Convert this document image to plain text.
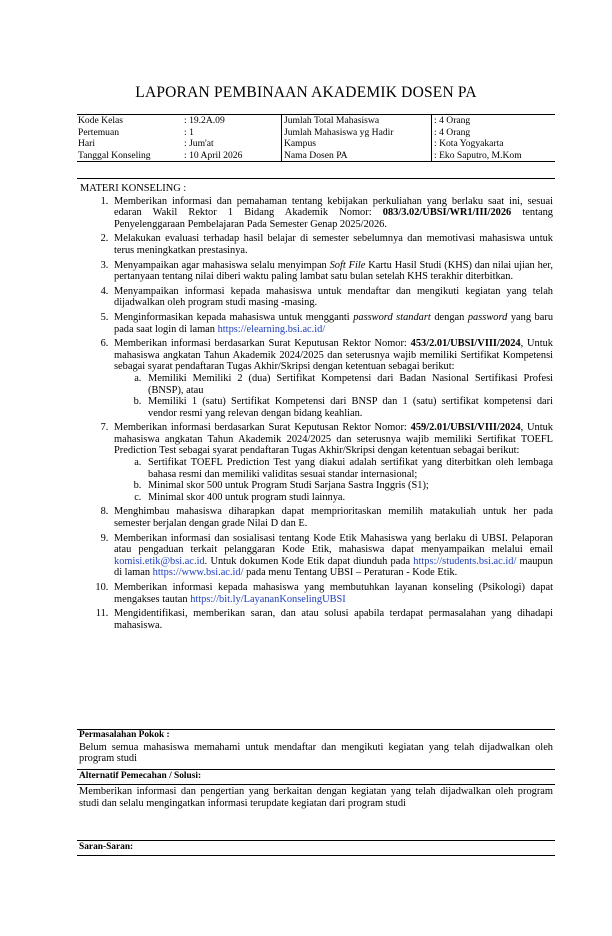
LAPORAN PEMBINAAN AKADEMIK DOSEN PA
Kode Kelas	: 19.2A.09	Jumlah Total Mahasiswa	: 4 Orang
Pertemuan	: 1	Jumlah Mahasiswa yg Hadir	: 4 Orang
Hari	: Jum'at	Kampus	: Kota Yogyakarta
Tanggal Konseling	: 10 April 2026	Nama Dosen PA	: Eko Saputro, M.Kom
MATERI KONSELING :
1. Memberikan informasi dan pemahaman tentang kebijakan perkuliahan yang berlaku saat ini, sesuai edaran Wakil Rektor 1 Bidang Akademik Nomor: 083/3.02/UBSI/WR1/III/2026 tentang Penyelenggaraan Pembelajaran Pada Semester Genap 2025/2026.
2. Melakukan evaluasi terhadap hasil belajar di semester sebelumnya dan memotivasi mahasiswa untuk terus meningkatkan prestasinya.
3. Menyampaikan agar mahasiswa selalu menyimpan Soft File Kartu Hasil Studi (KHS) dan nilai ujian her, pertanyaan tentang nilai diberi waktu paling lambat satu bulan setelah KHS terakhir diterbitkan.
4. Menyampaikan informasi kepada mahasiswa untuk mendaftar dan mengikuti kegiatan yang telah dijadwalkan oleh program studi masing -masing.
5. Menginformasikan kepada mahasiswa untuk mengganti password standart dengan password yang baru pada saat login di laman https://elearning.bsi.ac.id/
6. Memberikan informasi berdasarkan Surat Keputusan Rektor Nomor: 453/2.01/UBSI/VIII/2024, Untuk mahasiswa angkatan Tahun Akademik 2024/2025 dan seterusnya wajib memiliki Sertifikat Kompetensi sebagai syarat pendaftaran Tugas Akhir/Skripsi dengan ketentuan sebagai berikut:
a. Memiliki Memiliki 2 (dua) Sertifikat Kompetensi dari Badan Nasional Sertifikasi Profesi (BNSP), atau
b. Memiliki 1 (satu) Sertifikat Kompetensi dari BNSP dan 1 (satu) sertifikat kompetensi dari vendor resmi yang relevan dengan bidang keahlian.
7. Memberikan informasi berdasarkan Surat Keputusan Rektor Nomor: 459/2.01/UBSI/VIII/2024, Untuk mahasiswa angkatan Tahun Akademik 2024/2025 dan seterusnya wajib memiliki Sertifikat TOEFL Prediction Test sebagai syarat pendaftaran Tugas Akhir/Skripsi dengan ketentuan sebagai berikut:
a. Sertifikat TOEFL Prediction Test yang diakui adalah sertifikat yang diterbitkan oleh lembaga bahasa resmi dan memiliki validitas sesuai standar internasional;
b. Minimal skor 500 untuk Program Studi Sarjana Sastra Inggris (S1);
c. Minimal skor 400 untuk program studi lainnya.
8. Menghimbau mahasiswa diharapkan dapat memprioritaskan memilih matakuliah untuk her pada semester berjalan dengan grade Nilai D dan E.
9. Memberikan informasi dan sosialisasi tentang Kode Etik Mahasiswa yang berlaku di UBSI. Pelaporan atau pengaduan terkait pelanggaran Kode Etik, mahasiswa dapat menyampaikan melalui email komisi.etik@bsi.ac.id. Untuk dokumen Kode Etik dapat diunduh pada https://students.bsi.ac.id/ maupun di laman https://www.bsi.ac.id/ pada menu Tentang UBSI – Peraturan - Kode Etik.
10. Memberikan informasi kepada mahasiswa yang membutuhkan layanan konseling (Psikologi) dapat mengakses tautan https://bit.ly/LayananKonselingUBSI
11. Mengidentifikasi, memberikan saran, dan atau solusi apabila terdapat permasalahan yang dihadapi mahasiswa.
Permasalahan Pokok :
Belum semua mahasiswa memahami untuk mendaftar dan mengikuti kegiatan yang telah dijadwalkan oleh program studi
Alternatif Pemecahan / Solusi:
Memberikan informasi dan pengertian yang berkaitan dengan kegiatan yang telah dijadwalkan oleh program studi dan selalu mengingatkan informasi terupdate kegiatan dari program studi
Saran-Saran:
